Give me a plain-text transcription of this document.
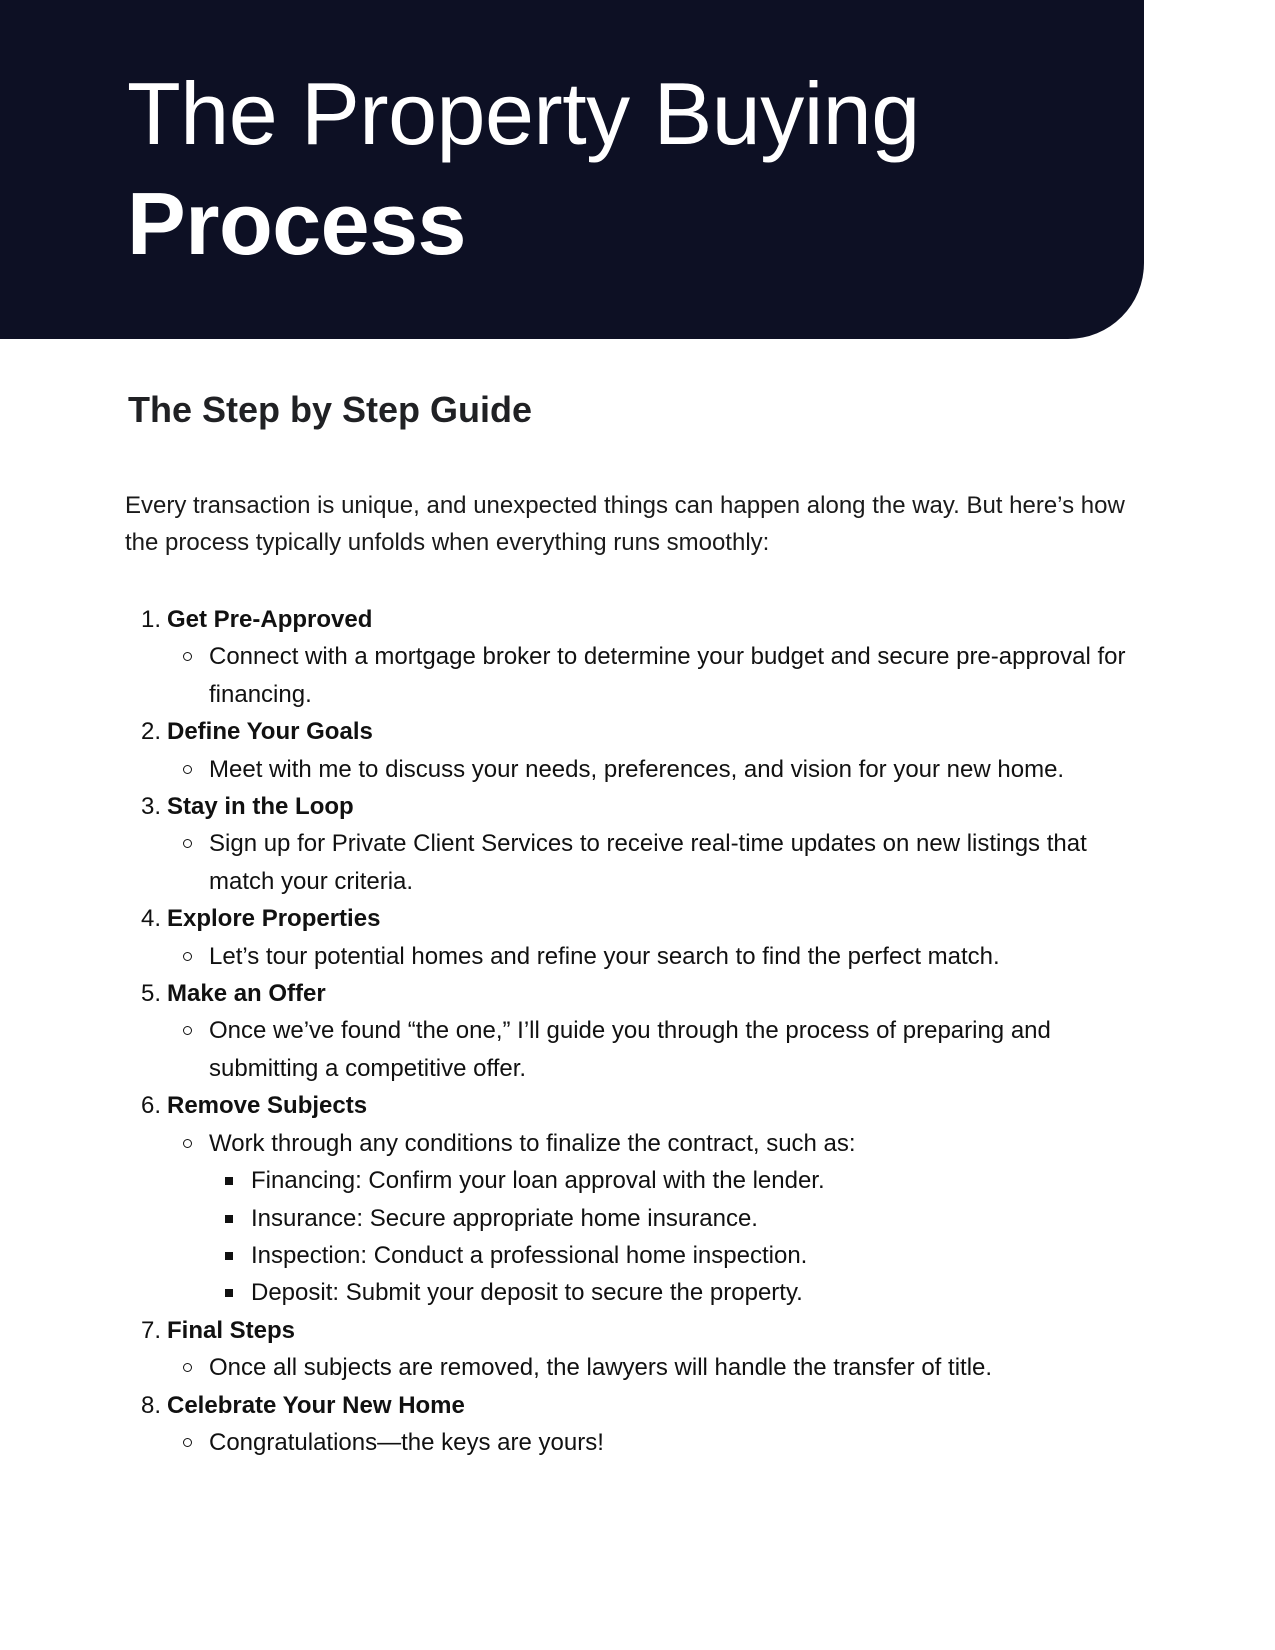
The Property Buying
Process
The Step by Step Guide

Every transaction is unique, and unexpected things can happen along the way. But here’s how the process typically unfolds when everything runs smoothly:

1. Get Pre-Approved
Connect with a mortgage broker to determine your budget and secure pre-approval for financing.
2. Define Your Goals
Meet with me to discuss your needs, preferences, and vision for your new home.
3. Stay in the Loop
Sign up for Private Client Services to receive real-time updates on new listings that match your criteria.
4. Explore Properties
Let’s tour potential homes and refine your search to find the perfect match.
5. Make an Offer
Once we’ve found “the one,” I’ll guide you through the process of preparing and submitting a competitive offer.
6. Remove Subjects
Work through any conditions to finalize the contract, such as:
Financing: Confirm your loan approval with the lender.
Insurance: Secure appropriate home insurance.
Inspection: Conduct a professional home inspection.
Deposit: Submit your deposit to secure the property.
7. Final Steps
Once all subjects are removed, the lawyers will handle the transfer of title.
8. Celebrate Your New Home
Congratulations—the keys are yours!
